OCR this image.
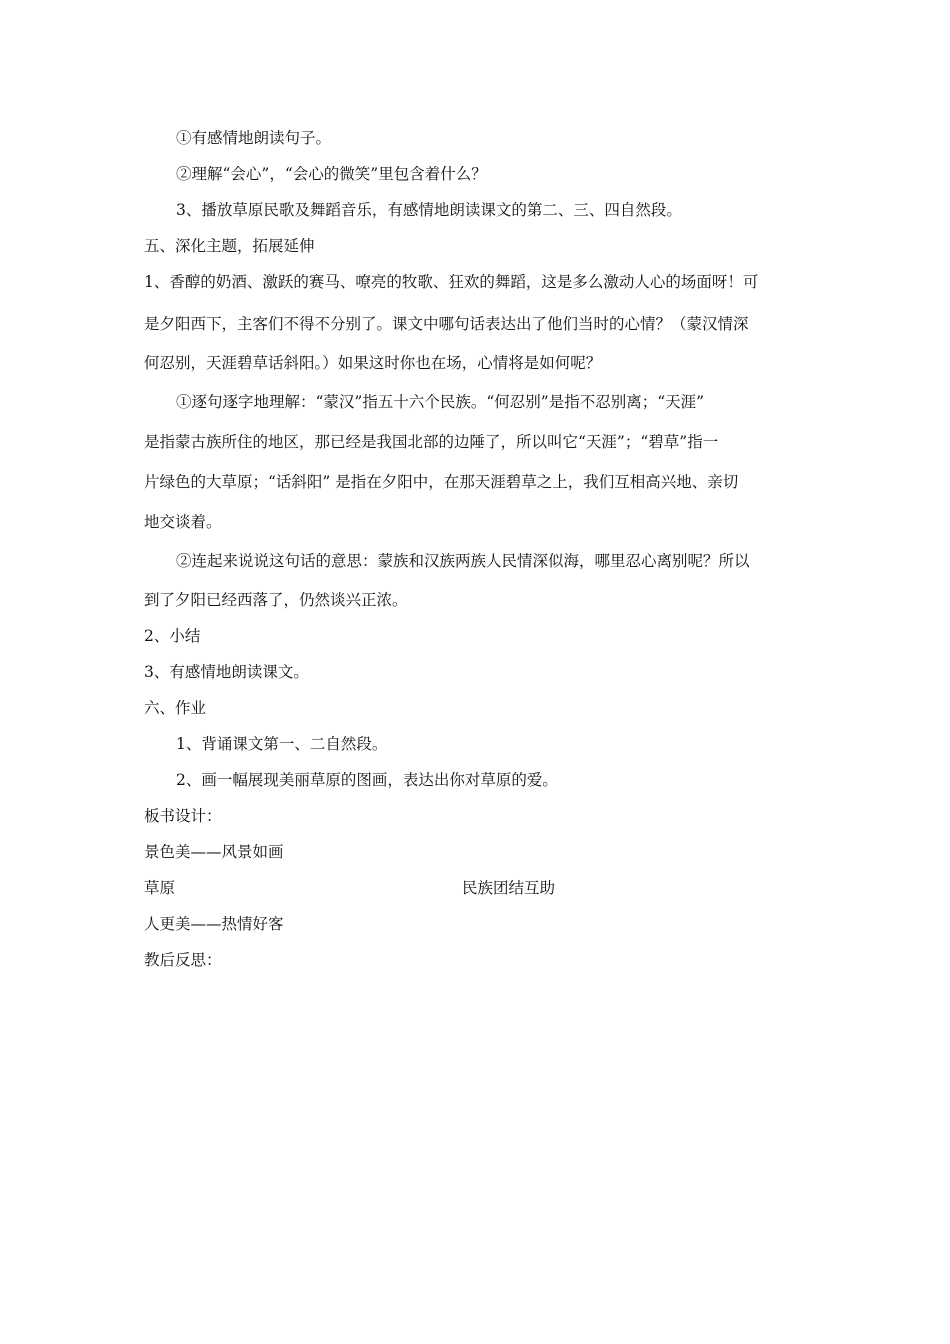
①有感情地朗读句子。
②理解“会心”，“会心的微笑”里包含着什么？
3、播放草原民歌及舞蹈音乐，有感情地朗读课文的第二、三、四自然段。
五、深化主题，拓展延伸
1、香醇的奶酒、激跃的赛马、嘹亮的牧歌、狂欢的舞蹈，这是多么激动人心的场面呀！可
是夕阳西下，主客们不得不分别了。课文中哪句话表达出了他们当时的心情？（蒙汉情深
何忍别，天涯碧草话斜阳。）如果这时你也在场，心情将是如何呢？
①逐句逐字地理解：“蒙汉”指五十六个民族。“何忍别”是指不忍别离；“天涯”
是指蒙古族所住的地区，那已经是我国北部的边陲了，所以叫它“天涯”；“碧草”指一
片绿色的大草原；“话斜阳” 是指在夕阳中，在那天涯碧草之上，我们互相高兴地、亲切
地交谈着。
②连起来说说这句话的意思：蒙族和汉族两族人民情深似海，哪里忍心离别呢？所以
到了夕阳已经西落了，仍然谈兴正浓。
2、小结
3、有感情地朗读课文。
六、作业
1、背诵课文第一、二自然段。
2、画一幅展现美丽草原的图画，表达出你对草原的爱。
板书设计：
景色美——风景如画
草原	民族团结互助
人更美——热情好客
教后反思：
